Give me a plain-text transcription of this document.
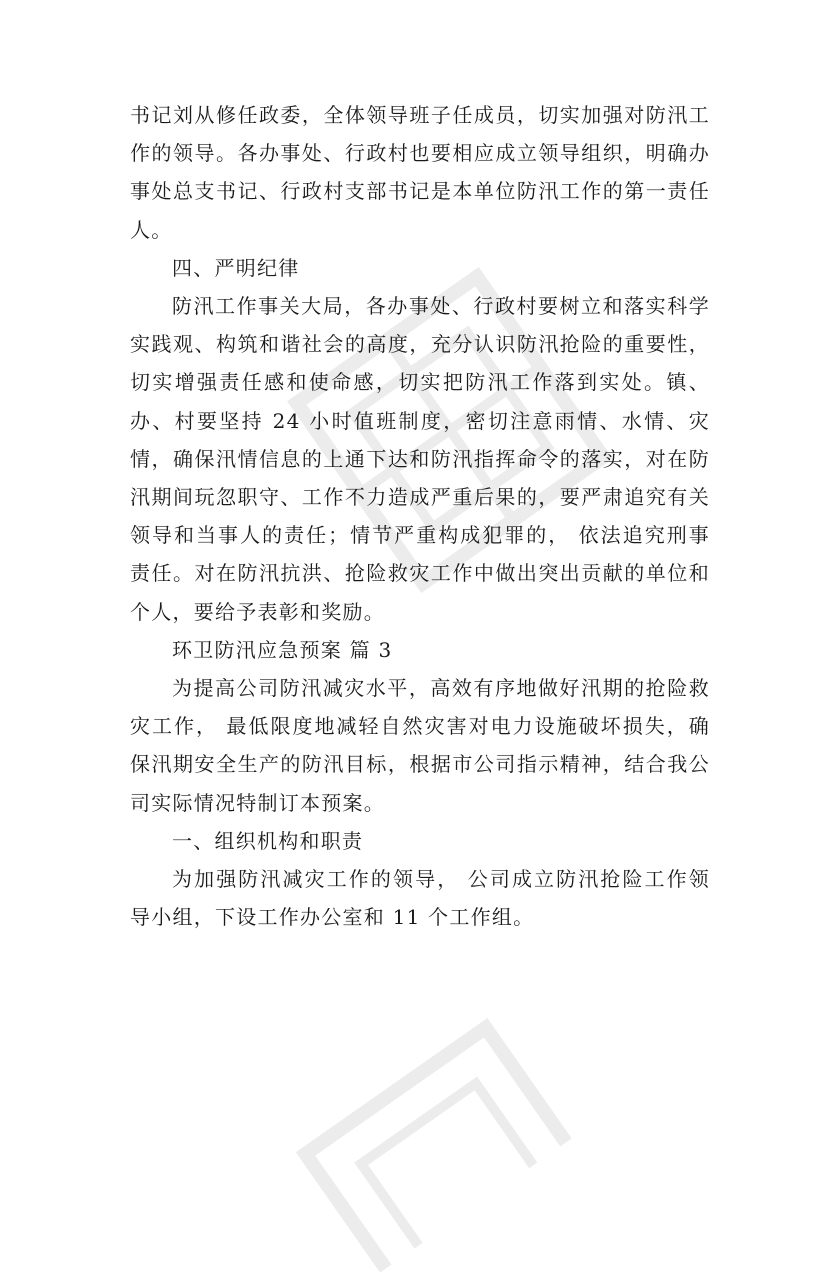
书记刘从修任政委，全体领导班子任成员，切实加强对防汛工作的领导。各办事处、行政村也要相应成立领导组织，明确办事处总支书记、行政村支部书记是本单位防汛工作的第一责任人。

四、严明纪律

防汛工作事关大局，各办事处、行政村要树立和落实科学实践观、构筑和谐社会的高度，充分认识防汛抢险的重要性，切实增强责任感和使命感，切实把防汛工作落到实处。镇、办、村要坚持 24 小时值班制度，密切注意雨情、水情、灾情，确保汛情信息的上通下达和防汛指挥命令的落实，对在防汛期间玩忽职守、工作不力造成严重后果的，要严肃追究有关领导和当事人的责任；情节严重构成犯罪的， 依法追究刑事责任。对在防汛抗洪、抢险救灾工作中做出突出贡献的单位和个人，要给予表彰和奖励。

环卫防汛应急预案 篇 3

为提高公司防汛减灾水平，高效有序地做好汛期的抢险救灾工作， 最低限度地减轻自然灾害对电力设施破坏损失，确保汛期安全生产的防汛目标，根据市公司指示精神，结合我公司实际情况特制订本预案。

一、组织机构和职责

为加强防汛减灾工作的领导， 公司成立防汛抢险工作领导小组，下设工作办公室和 11 个工作组。
